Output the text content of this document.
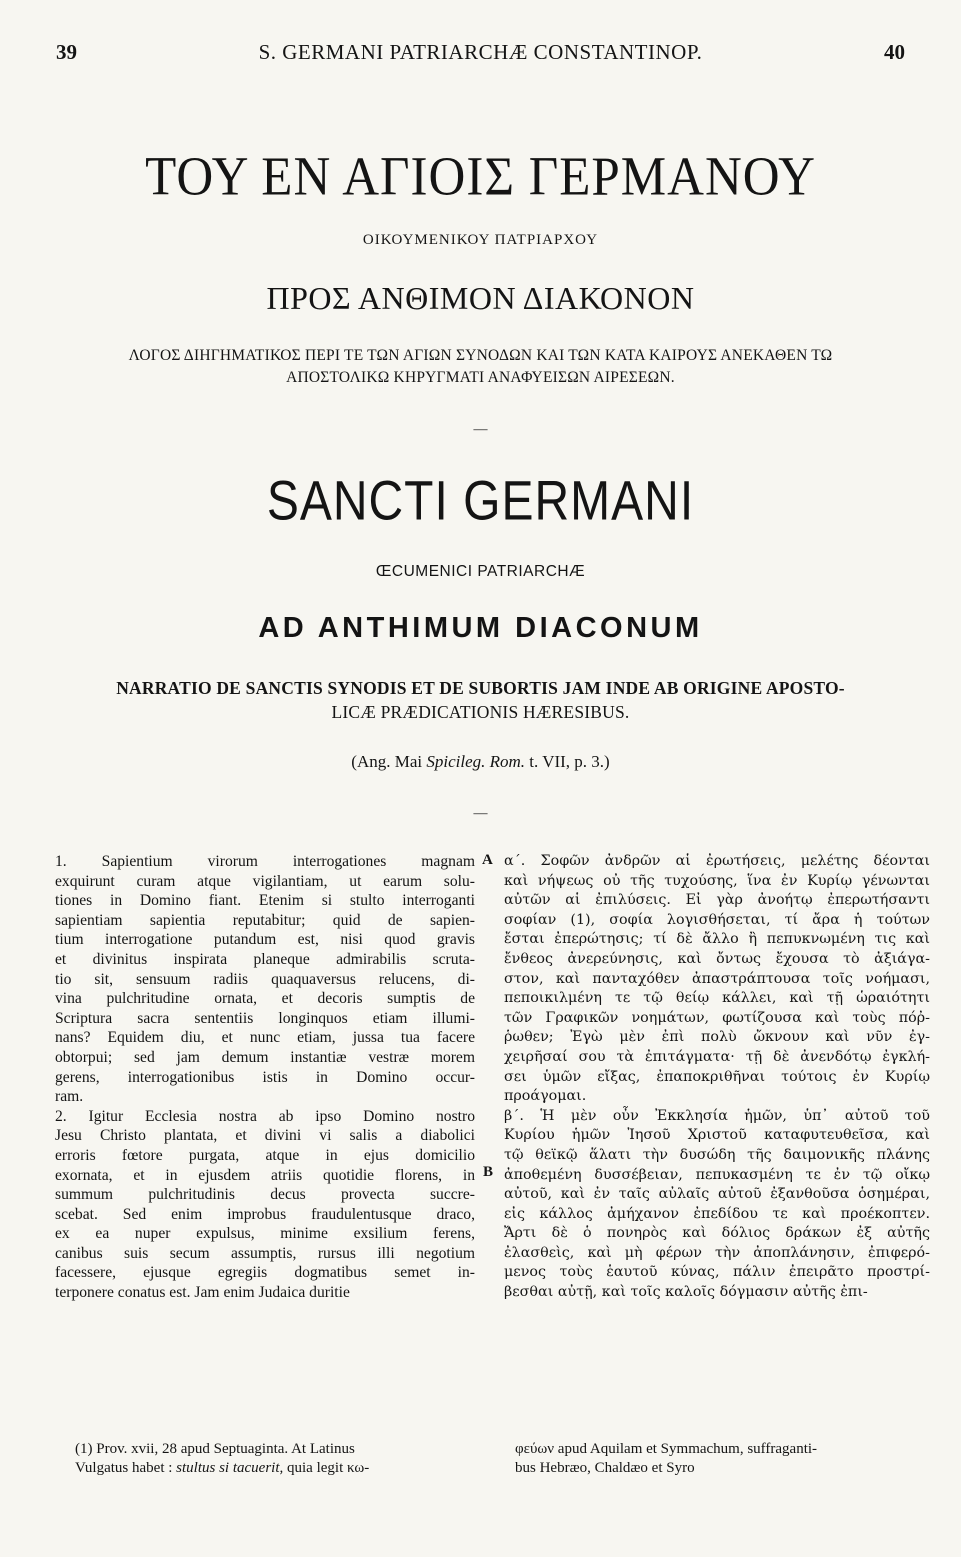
39	S. GERMANI PATRIARCHÆ CONSTANTINOP.	40
ΤΟΥ ΕΝ ΑΓΙΟΙΣ ΓΕΡΜΑΝΟΥ
ΟΙΚΟΥΜΕΝΙΚΟΥ ΠΑΤΡΙΑΡΧΟΥ
ΠΡΟΣ ΑΝΘΙΜΟΝ ΔΙΑΚΟΝΟΝ
ΛΟΓΟΣ ΔΙΗΓΗΜΑΤΙΚΟΣ ΠΕΡΙ ΤΕ ΤΩΝ ΑΓΙΩΝ ΣΥΝΟΔΩΝ ΚΑΙ ΤΩΝ ΚΑΤΑ ΚΑΙΡΟΥΣ ΑΝΕΚΑΘΕΝ ΤΩ
ΑΠΟΣΤΟΛΙΚΩ ΚΗΡΥΓΜΑΤΙ ΑΝΑΦΥΕΙΣΩΝ ΑΙΡΕΣΕΩΝ.
—
SANCTI GERMANI
ŒCUMENICI PATRIARCHÆ
AD ANTHIMUM DIACONUM
NARRATIO DE SANCTIS SYNODIS ET DE SUBORTIS JAM INDE AB ORIGINE APOSTO-
LICÆ PRÆDICATIONIS HÆRESIBUS.
(Ang. Mai Spicileg. Rom. t. VII, p. 3.)
—
1. Sapientium virorum interrogationes magnam
exquirunt curam atque vigilantiam, ut earum solu-
tiones in Domino fiant. Etenim si stulto interroganti
sapientiam sapientia reputabitur; quid de sapien-
tium interrogatione putandum est, nisi quod gravis
et divinitus inspirata planeque admirabilis scruta-
tio sit, sensuum radiis quaquaversus relucens, di-
vina pulchritudine ornata, et decoris sumptis de
Scriptura sacra sententiis longinquos etiam illumi-
nans? Equidem diu, et nunc etiam, jussa tua facere
obtorpui; sed jam demum instantiæ vestræ morem
gerens, interrogationibus istis in Domino occur-
ram.
2. Igitur Ecclesia nostra ab ipso Domino nostro
Jesu Christo plantata, et divini vi salis a diabolici
erroris fœtore purgata, atque in ejus domicilio
exornata, et in ejusdem atriis quotidie florens, in
summum pulchritudinis decus provecta succre-
scebat. Sed enim improbus fraudulentusque draco,
ex ea nuper expulsus, minime exsilium ferens,
canibus suis secum assumptis, rursus illi negotium
facessere, ejusque egregiis dogmatibus semet in-
terponere conatus est. Jam enim Judaica duritie
A
B
α΄. Σοφῶν ἀνδρῶν αἱ ἐρωτήσεις, μελέτης δέονται
καὶ νήψεως οὐ τῆς τυχούσης, ἵνα ἐν Κυρίῳ γένωνται
αὐτῶν αἱ ἐπιλύσεις. Εἰ γὰρ ἀνοήτῳ ἐπερωτήσαντι
σοφίαν (1), σοφία λογισθήσεται, τί ἄρα ἡ τούτων
ἔσται ἐπερώτησις; τί δὲ ἄλλο ἢ πεπυκνωμένη τις καὶ
ἔνθεος ἀνερεύνησις, καὶ ὄντως ἔχουσα τὸ ἀξιάγα-
στον, καὶ πανταχόθεν ἀπαστράπτουσα τοῖς νοήμασι,
πεποικιλμένη τε τῷ θείῳ κάλλει, καὶ τῇ ὡραιότητι
τῶν Γραφικῶν νοημάτων, φωτίζουσα καὶ τοὺς πόῤ-
ῥωθεν; Ἐγὼ μὲν ἐπὶ πολὺ ὤκνουν καὶ νῦν ἐγ-
χειρῆσαί σου τὰ ἐπιτάγματα· τῇ δὲ ἀνενδότῳ ἐγκλή-
σει ὑμῶν εἴξας, ἐπαποκριθῆναι τούτοις ἐν Κυρίῳ
προάγομαι.
β΄. Ἡ μὲν οὖν Ἐκκλησία ἡμῶν, ὑπ᾽ αὐτοῦ τοῦ
Κυρίου ἡμῶν Ἰησοῦ Χριστοῦ καταφυτευθεῖσα, καὶ
τῷ θεϊκῷ ἅλατι τὴν δυσώδη τῆς δαιμονικῆς πλάνης
ἀποθεμένη δυσσέβειαν, πεπυκασμένη τε ἐν τῷ οἴκῳ
αὐτοῦ, καὶ ἐν ταῖς αὐλαῖς αὐτοῦ ἐξανθοῦσα ὁσημέραι,
εἰς κάλλος ἀμήχανον ἐπεδίδου τε καὶ προέκοπτεν.
Ἄρτι δὲ ὁ πονηρὸς καὶ δόλιος δράκων ἐξ αὐτῆς
ἐλασθεὶς, καὶ μὴ φέρων τὴν ἀποπλάνησιν, ἐπιφερό-
μενος τοὺς ἑαυτοῦ κύνας, πάλιν ἐπειρᾶτο προστρί-
βεσθαι αὐτῇ, καὶ τοῖς καλοῖς δόγμασιν αὐτῆς ἐπι-
(1) Prov. xvii, 28 apud Septuaginta. At Latinus
Vulgatus habet : stultus si tacuerit, quia legit κω-
φεύων apud Aquilam et Symmachum, suffraganti-
bus Hebræo, Chaldæo et Syro
